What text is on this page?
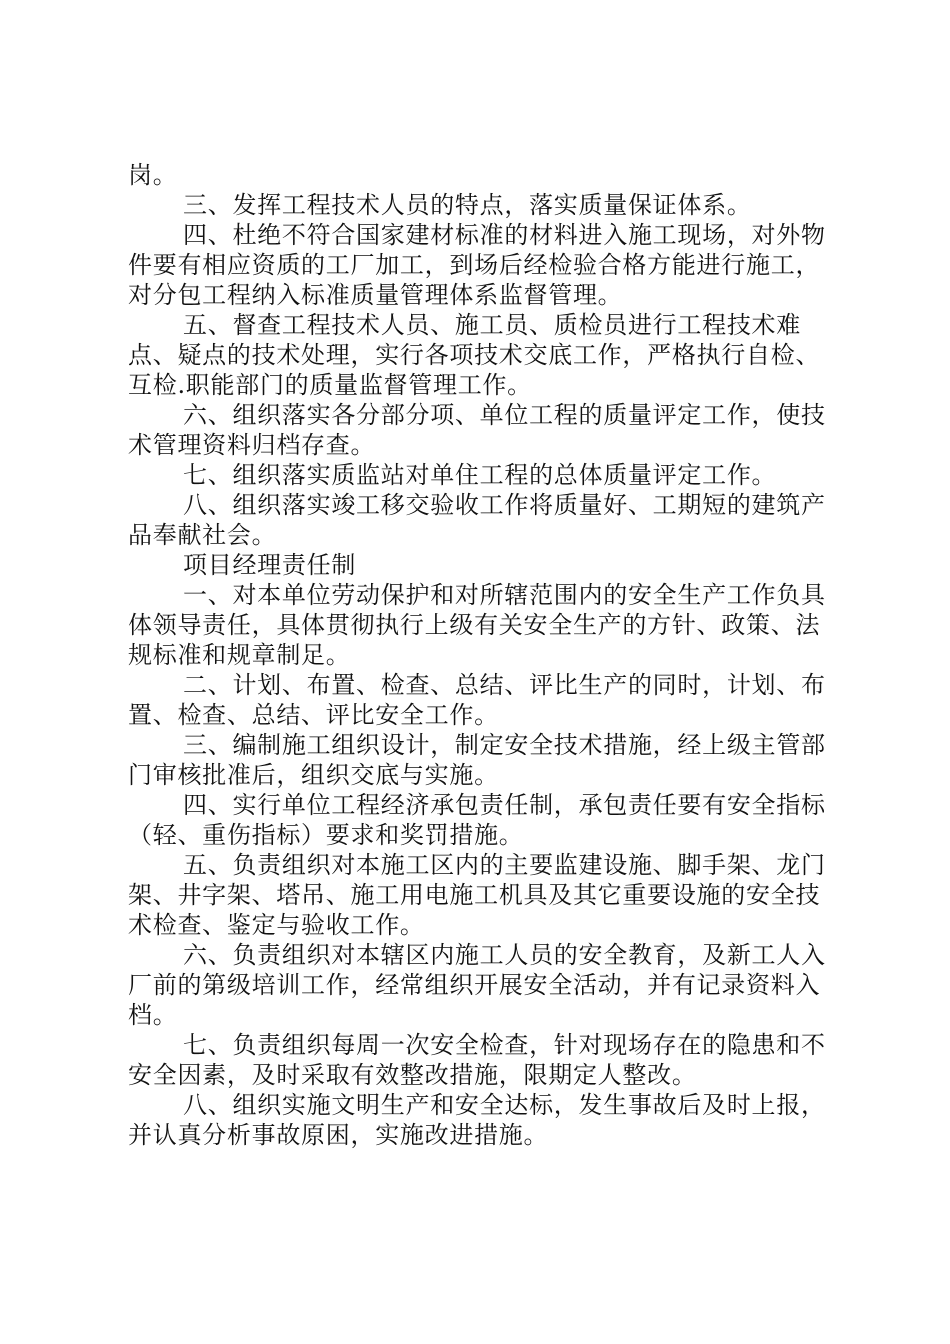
岗。

三、发挥工程技术人员的特点，落实质量保证体系。

四、杜绝不符合国家建材标准的材料进入施工现场，对外物件要有相应资质的工厂加工，到场后经检验合格方能进行施工，对分包工程纳入标准质量管理体系监督管理。

五、督查工程技术人员、施工员、质检员进行工程技术难点、疑点的技术处理，实行各项技术交底工作，严格执行自检、互检.职能部门的质量监督管理工作。

六、组织落实各分部分项、单位工程的质量评定工作，使技术管理资料归档存查。

七、组织落实质监站对单住工程的总体质量评定工作。

八、组织落实竣工移交验收工作将质量好、工期短的建筑产品奉献社会。

项目经理责任制

一、对本单位劳动保护和对所辖范围内的安全生产工作负具体领导责任，具体贯彻执行上级有关安全生产的方针、政策、法规标准和规章制足。

二、计划、布置、检查、总结、评比生产的同时，计划、布置、检查、总结、评比安全工作。

三、编制施工组织设计，制定安全技术措施，经上级主管部门审核批准后，组织交底与实施。

四、实行单位工程经济承包责任制，承包责任要有安全指标（轻、重伤指标）要求和奖罚措施。

五、负责组织对本施工区内的主要监建设施、脚手架、龙门架、井字架、塔吊、施工用电施工机具及其它重要设施的安全技术检查、鉴定与验收工作。

六、负责组织对本辖区内施工人员的安全教育，及新工人入厂前的第级培训工作，经常组织开展安全活动，并有记录资料入档。

七、负责组织每周一次安全检查，针对现场存在的隐患和不安全因素，及时采取有效整改措施，限期定人整改。

八、组织实施文明生产和安全达标，发生事故后及时上报，并认真分析事故原困，实施改进措施。
